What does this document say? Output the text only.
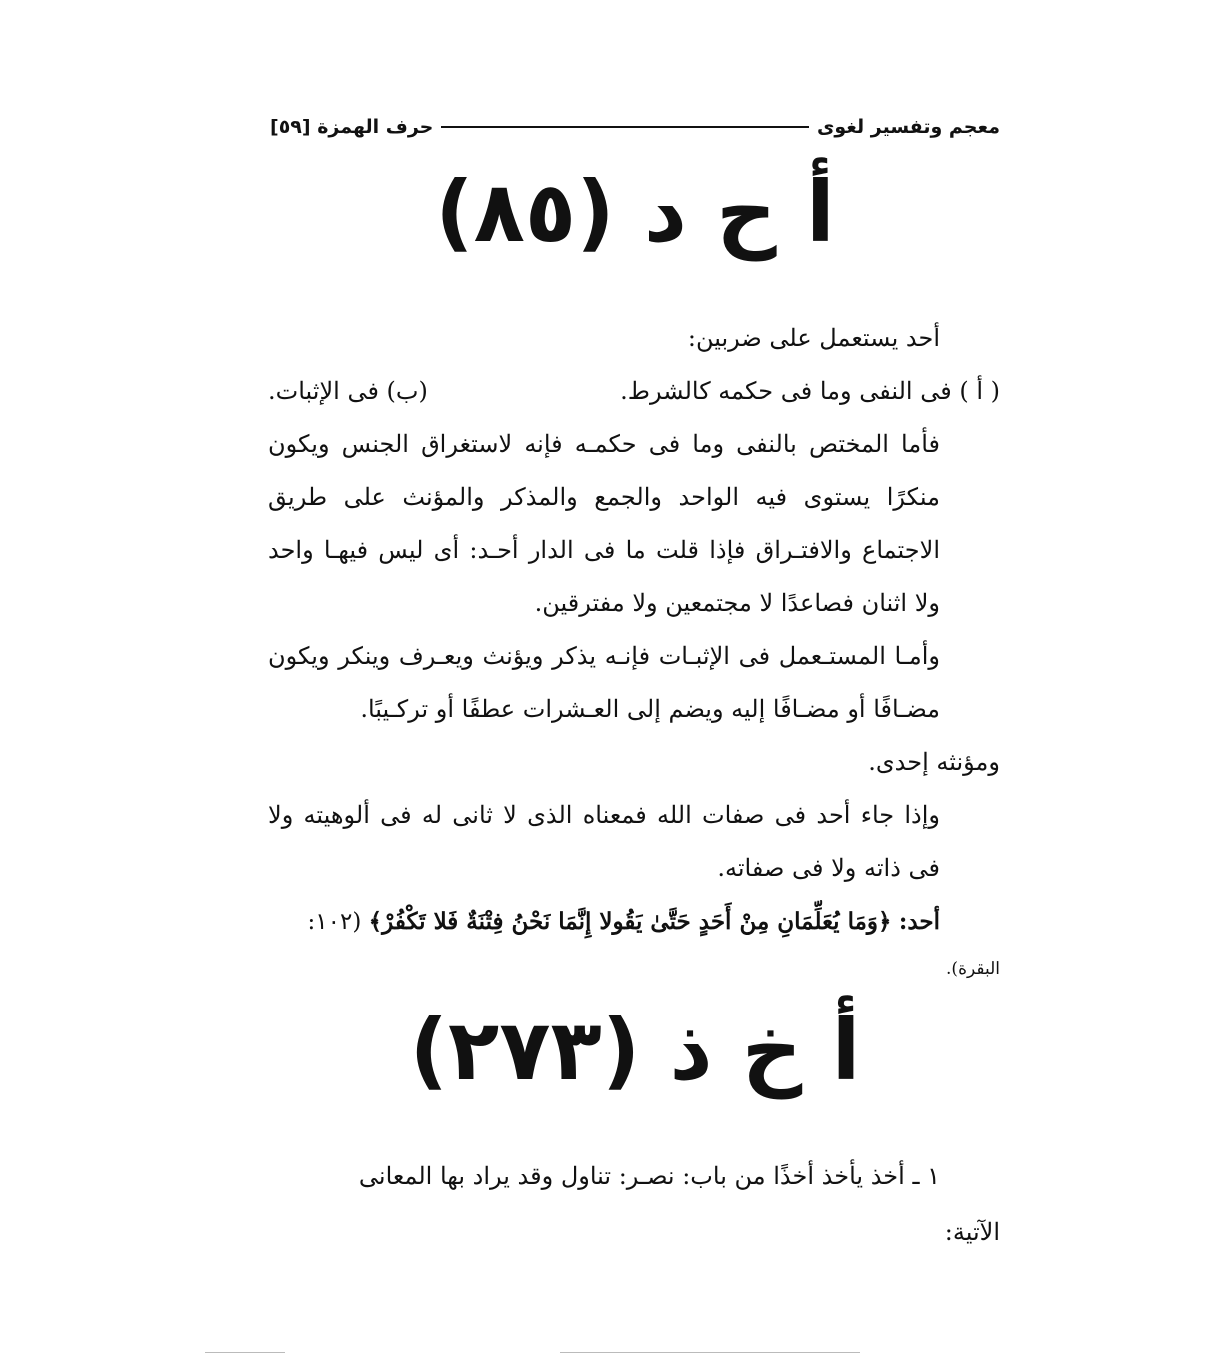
معجم وتفسير لغوى
حرف الهمزة [٥٩]
أ ح د (٨٥)

أحد يستعمل على ضربين:

( أ ) فى النفى وما فى حكمه كالشرط.
(ب) فى الإثبات.

فأما المختص بالنفى وما فى حكمـه فإنه لاستغراق الجنس ويكون منكرًا يستوى فيه الواحد والجمع والمذكر والمؤنث على طريق الاجتماع والافتـراق فإذا قلت ما فى الدار أحـد: أى ليس فيهـا واحد ولا اثنان فصاعدًا لا مجتمعين ولا مفترقين.

وأمـا المستـعمل فى الإثبـات فإنـه يذكر ويؤنث ويعـرف وينكر ويكون مضـافًا أو مضـافًا إليه ويضم إلى العـشرات عطفًا أو تركـيبًا.

ومؤنثه إحدى.

وإذا جاء أحد فى صفات الله فمعناه الذى لا ثانى له فى ألوهيته ولا فى ذاته ولا فى صفاته.

أحد: ﴿وَمَا يُعَلِّمَانِ مِنْ أَحَدٍ حَتَّىٰ يَقُولا إِنَّمَا نَحْنُ فِتْنَةٌ فَلا تَكْفُرْ﴾ (١٠٢:

البقرة).

أ خ ذ (٢٧٣)

١ ـ أخذ يأخذ أخذًا من باب: نصـر: تناول وقد يراد بها المعانى

الآتية:
